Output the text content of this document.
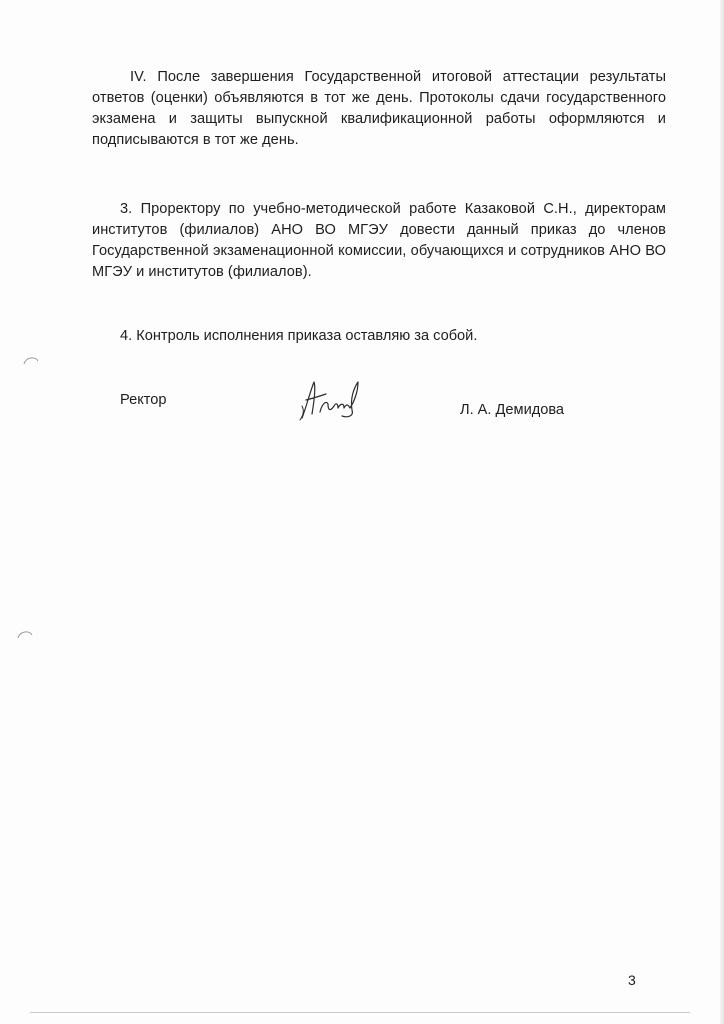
IV. После завершения Государственной итоговой аттестации результаты ответов (оценки) объявляются в тот же день. Протоколы сдачи государственного экзамена и защиты выпускной квалификационной работы оформляются и подписываются в тот же день.

3. Проректору по учебно-методической работе Казаковой С.Н., директорам институтов (филиалов) АНО ВО МГЭУ довести данный приказ до членов Государственной экзаменационной комиссии, обучающихся и сотрудников АНО ВО МГЭУ и институтов (филиалов).

4. Контроль исполнения приказа оставляю за собой.
Ректор
Л. А. Демидова
3
